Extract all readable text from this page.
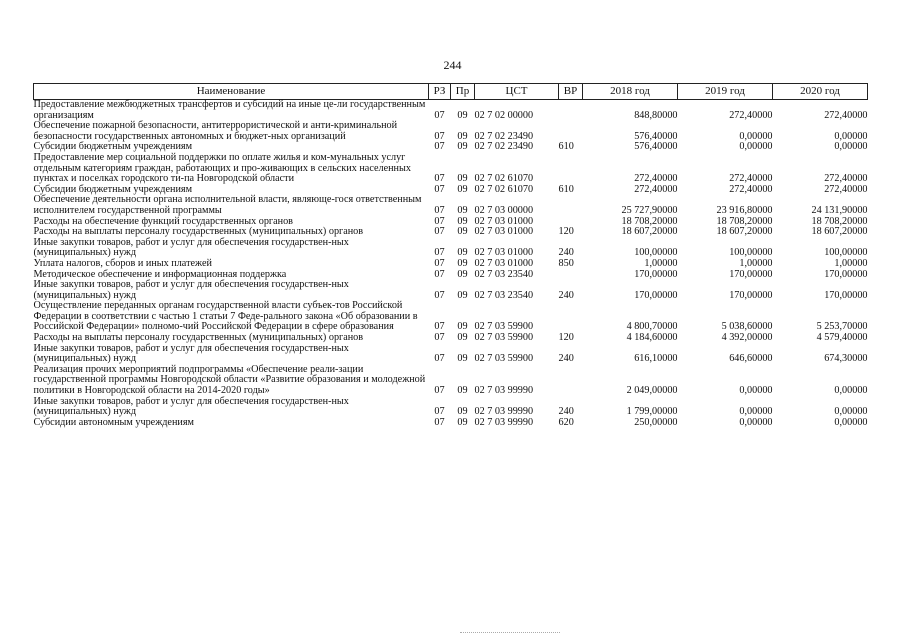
244
Наименование	РЗ	Пр	ЦСТ	ВР	2018 год	2019 год	2020 год
Предоставление межбюджетных трансфертов и субсидий на иные це-ли государственным организациям	07	09	02 7 02 00000		848,80000	272,40000	272,40000
Обеспечение пожарной безопасности, антитеррористической и анти-криминальной безопасности государственных автономных и бюджет-ных организаций	07	09	02 7 02 23490		576,40000	0,00000	0,00000
Субсидии бюджетным учреждениям	07	09	02 7 02 23490	610	576,40000	0,00000	0,00000
Предоставление мер социальной поддержки по оплате жилья и ком-мунальных услуг отдельным категориям граждан, работающих и про-живающих в сельских населенных пунктах и поселках городского ти-па Новгородской области	07	09	02 7 02 61070		272,40000	272,40000	272,40000
Субсидии бюджетным учреждениям	07	09	02 7 02 61070	610	272,40000	272,40000	272,40000
Обеспечение деятельности органа исполнительной власти, являюще-гося ответственным исполнителем государственной программы	07	09	02 7 03 00000		25 727,90000	23 916,80000	24 131,90000
Расходы на обеспечение функций государственных органов	07	09	02 7 03 01000		18 708,20000	18 708,20000	18 708,20000
Расходы на выплаты персоналу государственных (муниципальных) органов	07	09	02 7 03 01000	120	18 607,20000	18 607,20000	18 607,20000
Иные закупки товаров, работ и услуг для обеспечения государствен-ных (муниципальных) нужд	07	09	02 7 03 01000	240	100,00000	100,00000	100,00000
Уплата налогов, сборов и иных платежей	07	09	02 7 03 01000	850	1,00000	1,00000	1,00000
Методическое обеспечение и информационная поддержка	07	09	02 7 03 23540		170,00000	170,00000	170,00000
Иные закупки товаров, работ и услуг для обеспечения государствен-ных (муниципальных) нужд	07	09	02 7 03 23540	240	170,00000	170,00000	170,00000
Осуществление переданных органам государственной власти субъек-тов Российской Федерации в соответствии с частью 1 статьи 7 Феде-рального закона «Об образовании в Российской Федерации» полномо-чий Российской Федерации в сфере образования	07	09	02 7 03 59900		4 800,70000	5 038,60000	5 253,70000
Расходы на выплаты персоналу государственных (муниципальных) органов	07	09	02 7 03 59900	120	4 184,60000	4 392,00000	4 579,40000
Иные закупки товаров, работ и услуг для обеспечения государствен-ных (муниципальных) нужд	07	09	02 7 03 59900	240	616,10000	646,60000	674,30000
Реализация прочих мероприятий подпрограммы «Обеспечение реали-зации государственной программы Новгородской области «Развитие образования и молодежной политики в Новгородской области на 2014-2020 годы»	07	09	02 7 03 99990		2 049,00000	0,00000	0,00000
Иные закупки товаров, работ и услуг для обеспечения государствен-ных (муниципальных) нужд	07	09	02 7 03 99990	240	1 799,00000	0,00000	0,00000
Субсидии автономным учреждениям	07	09	02 7 03 99990	620	250,00000	0,00000	0,00000
